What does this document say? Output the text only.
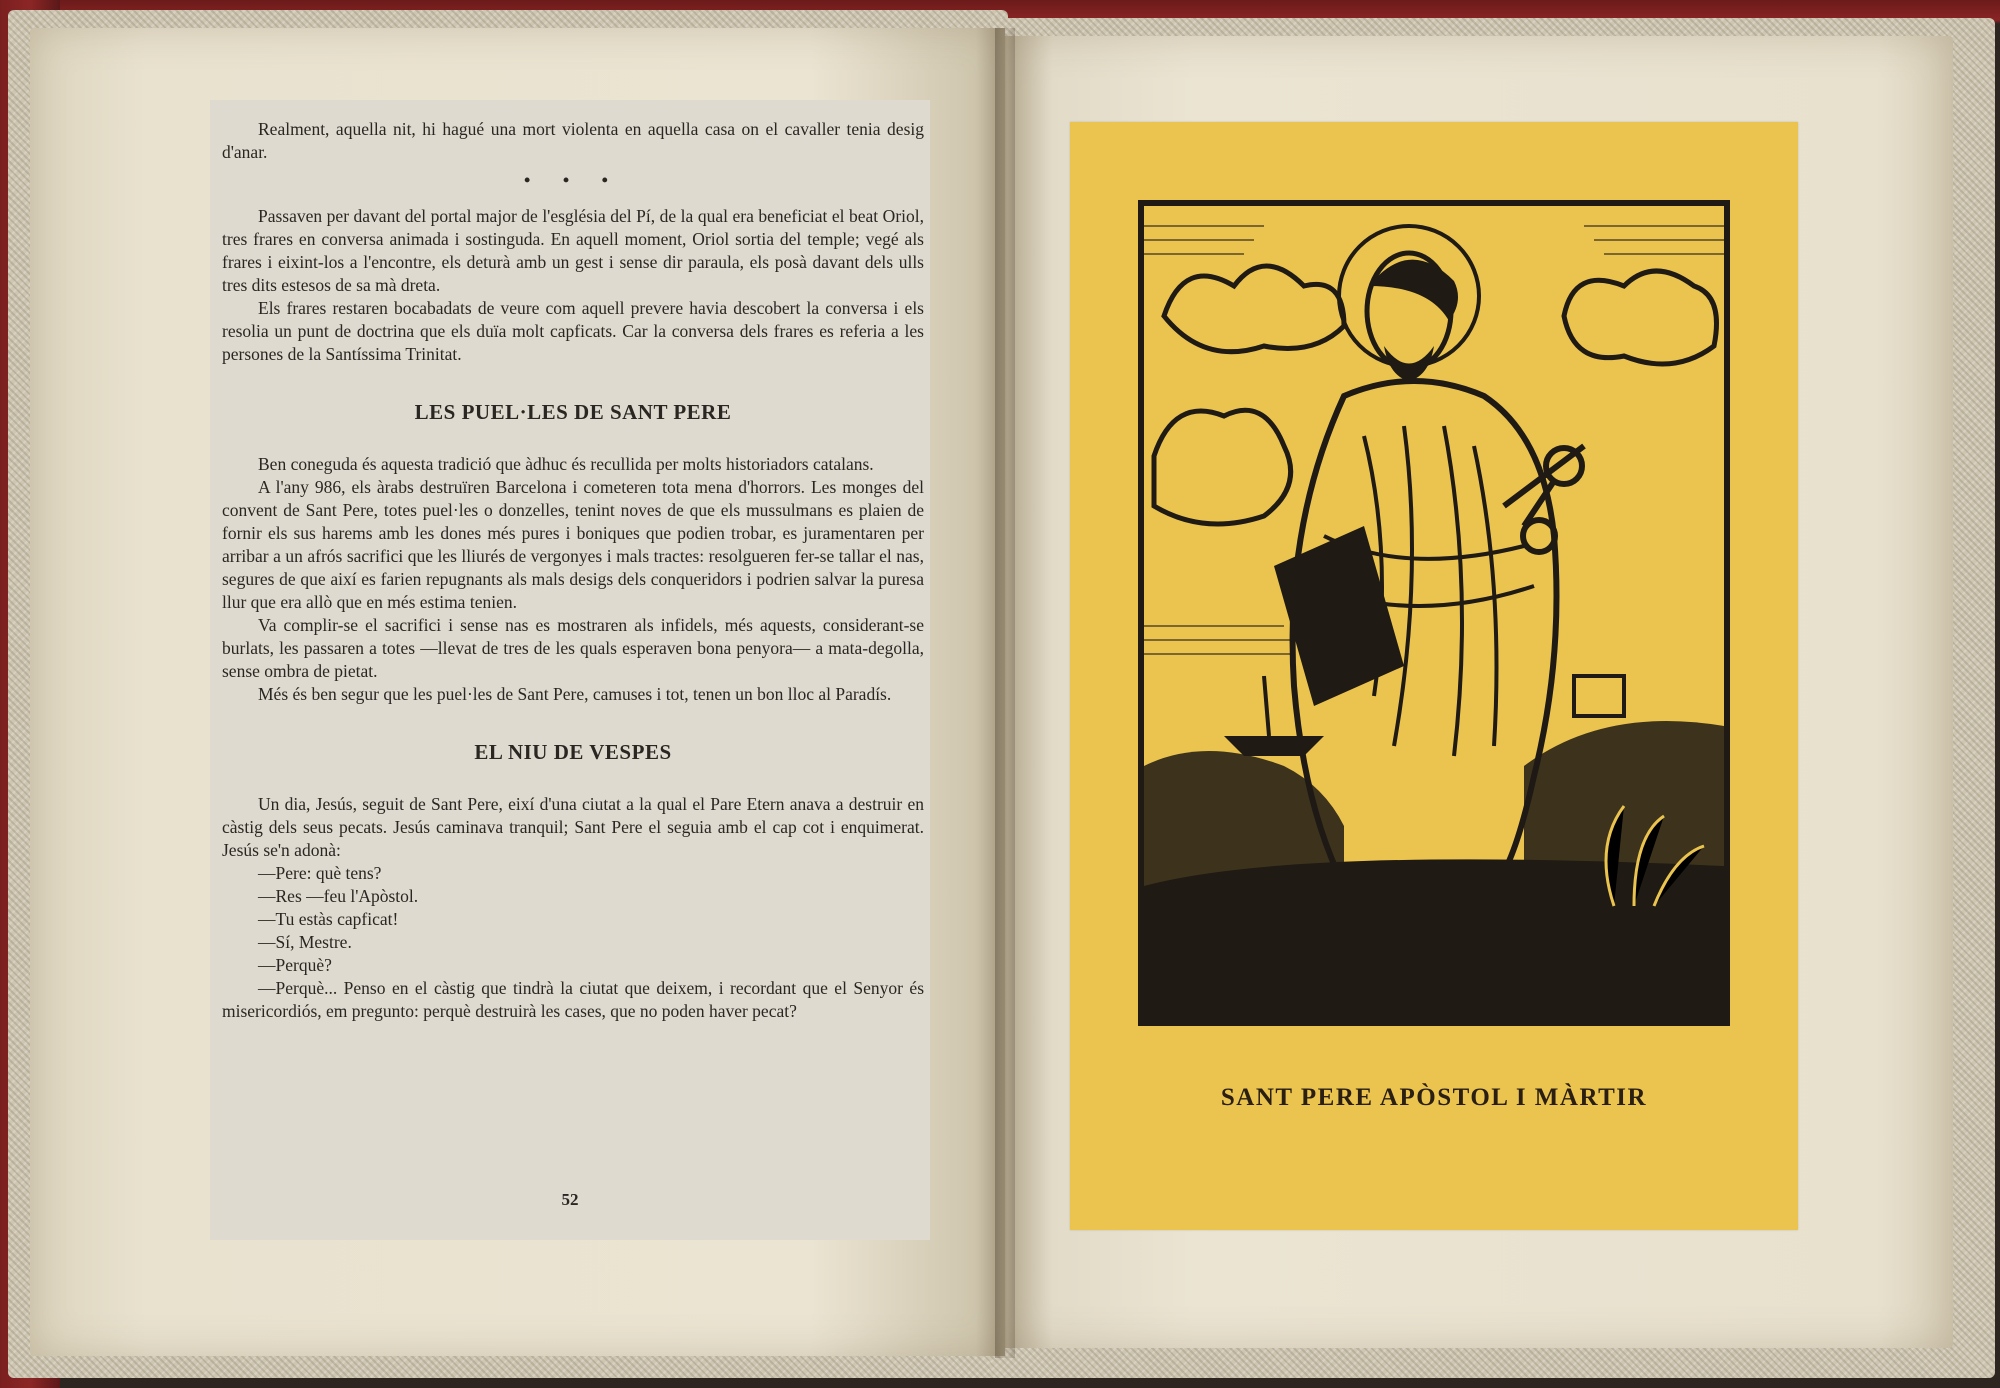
Realment, aquella nit, hi hagué una mort violenta en aquella casa on el cavaller tenia desig d'anar.

• • •

Passaven per davant del portal major de l'església del Pí, de la qual era beneficiat el beat Oriol, tres frares en conversa animada i sostinguda. En aquell moment, Oriol sortia del temple; vegé als frares i eixint-los a l'encontre, els deturà amb un gest i sense dir paraula, els posà davant dels ulls tres dits estesos de sa mà dreta.

Els frares restaren bocabadats de veure com aquell prevere havia descobert la conversa i els resolia un punt de doctrina que els duïa molt capficats. Car la conversa dels frares es referia a les persones de la Santíssima Trinitat.

LES PUEL·LES DE SANT PERE

Ben coneguda és aquesta tradició que àdhuc és recullida per molts historiadors catalans.

A l'any 986, els àrabs destruïren Barcelona i cometeren tota mena d'horrors. Les monges del convent de Sant Pere, totes puel·les o donzelles, tenint noves de que els mussulmans es plaien de fornir els sus harems amb les dones més pures i boniques que podien trobar, es juramentaren per arribar a un afrós sacrifici que les lliurés de vergonyes i mals tractes: resolgueren fer-se tallar el nas, segures de que així es farien repugnants als mals desigs dels conqueridors i podrien salvar la puresa llur que era allò que en més estima tenien.

Va complir-se el sacrifici i sense nas es mostraren als infidels, més aquests, considerant-se burlats, les passaren a totes —llevat de tres de les quals esperaven bona penyora— a mata-degolla, sense ombra de pietat.

Més és ben segur que les puel·les de Sant Pere, camuses i tot, tenen un bon lloc al Paradís.

EL NIU DE VESPES

Un dia, Jesús, seguit de Sant Pere, eixí d'una ciutat a la qual el Pare Etern anava a destruir en càstig dels seus pecats. Jesús caminava tranquil; Sant Pere el seguia amb el cap cot i enquimerat. Jesús se'n adonà:

—Pere: què tens?

—Res —feu l'Apòstol.

—Tu estàs capficat!

—Sí, Mestre.

—Perquè?

—Perquè... Penso en el càstig que tindrà la ciutat que deixem, i recordant que el Senyor és misericordiós, em pregunto: perquè destruirà les cases, que no poden haver pecat?

52
SANT PERE APÒSTOL I MÀRTIR
